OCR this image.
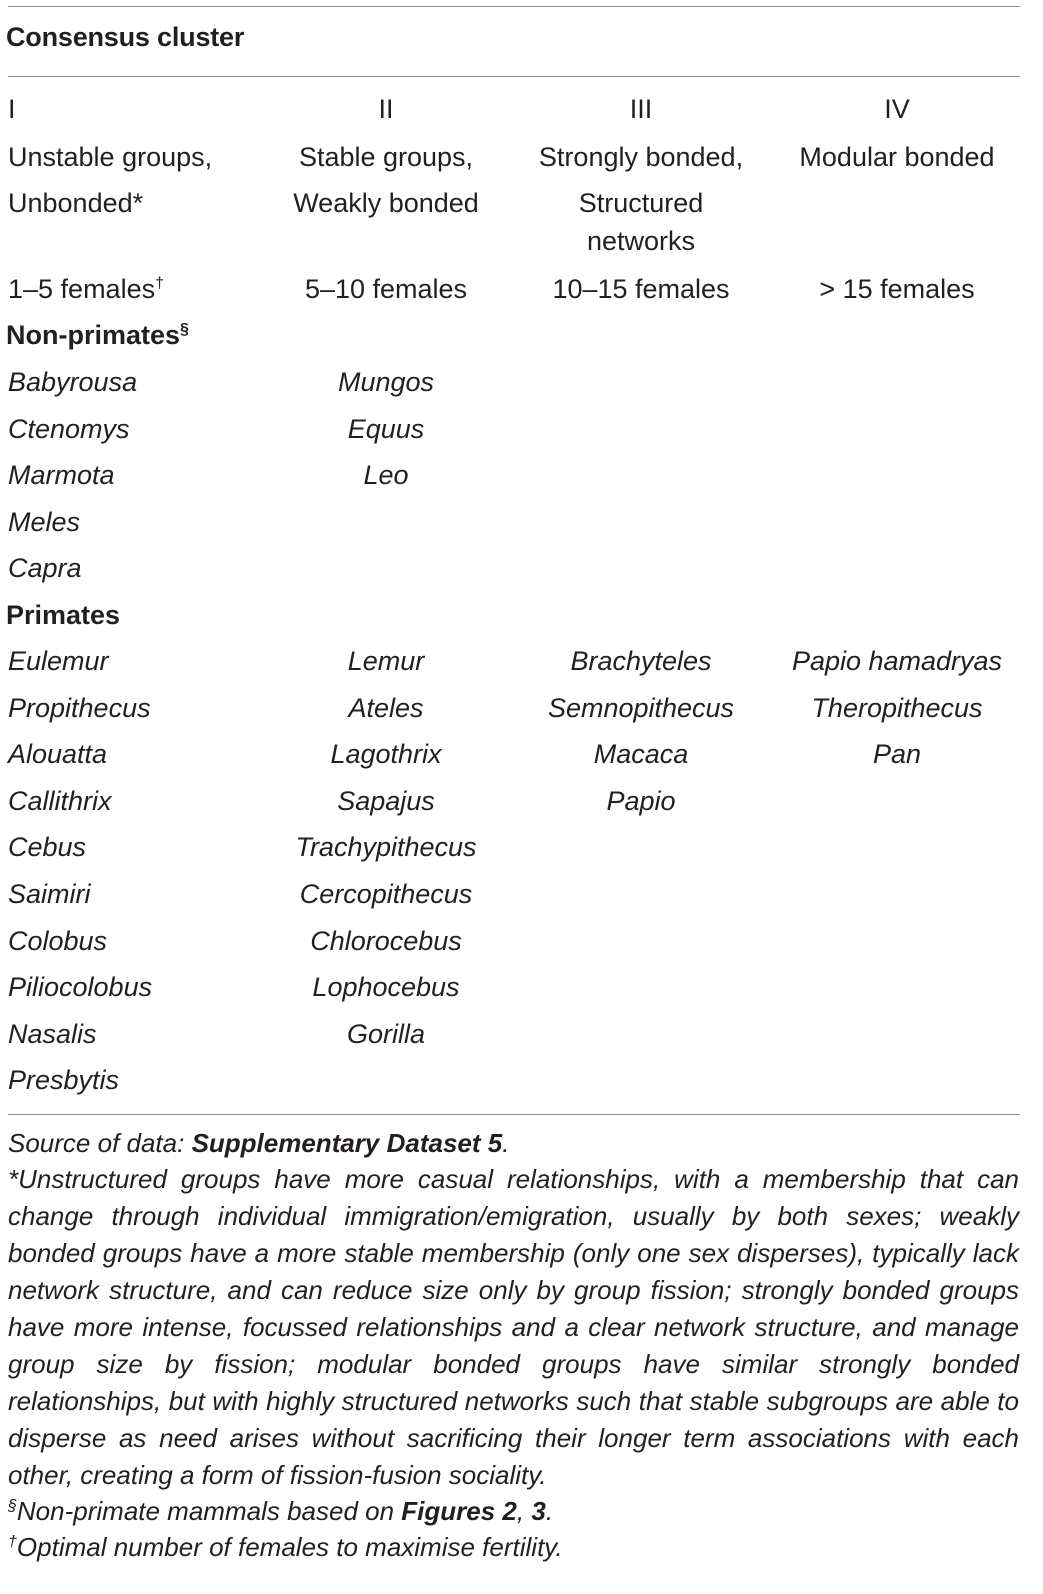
Consensus cluster
I	II	III	IV
Unstable groups,	Stable groups,	Strongly bonded,	Modular bonded
Unbonded*	Weakly bonded	Structured
networks
1–5 females†	5–10 females	10–15 females	> 15 females
Non-primates§
Babyrousa	Mungos
Ctenomys	Equus
Marmota	Leo
Meles
Capra
Primates
Eulemur	Lemur	Brachyteles	Papio hamadryas
Propithecus	Ateles	Semnopithecus	Theropithecus
Alouatta	Lagothrix	Macaca	Pan
Callithrix	Sapajus	Papio
Cebus	Trachypithecus
Saimiri	Cercopithecus
Colobus	Chlorocebus
Piliocolobus	Lophocebus
Nasalis	Gorilla
Presbytis
Source of data: Supplementary Dataset 5.
*Unstructured groups have more casual relationships, with a membership that can change through individual immigration/emigration, usually by both sexes; weakly bonded groups have a more stable membership (only one sex disperses), typically lack network structure, and can reduce size only by group fission; strongly bonded groups have more intense, focussed relationships and a clear network structure, and manage group size by fission; modular bonded groups have similar strongly bonded relationships, but with highly structured networks such that stable subgroups are able to disperse as need arises without sacrificing their longer term associations with each other, creating a form of fission-fusion sociality.
§Non-primate mammals based on Figures 2, 3.
†Optimal number of females to maximise fertility.
